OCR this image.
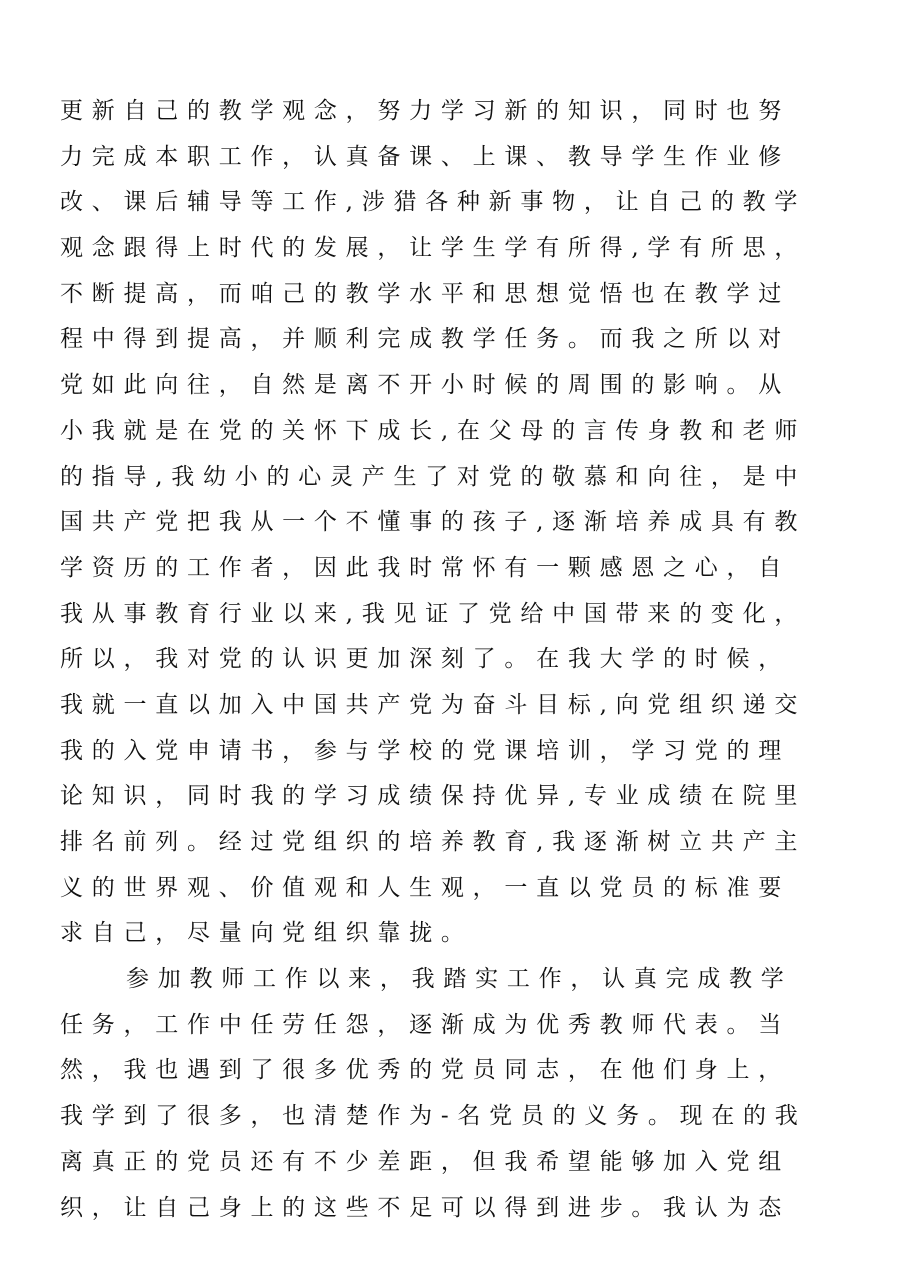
更新自己的教学观念，努力学习新的知识，同时也努
力完成本职工作，认真备课、上课、教导学生作业修
改、课后辅导等工作,涉猎各种新事物，让自己的教学
观念跟得上时代的发展，让学生学有所得,学有所思，
不断提高，而咱己的教学水平和思想觉悟也在教学过
程中得到提高，并顺利完成教学任务。而我之所以对
党如此向往，自然是离不开小时候的周围的影响。从
小我就是在党的关怀下成长,在父母的言传身教和老师
的指导,我幼小的心灵产生了对党的敬慕和向往，是中
国共产党把我从一个不懂事的孩子,逐渐培养成具有教
学资历的工作者，因此我时常怀有一颗感恩之心，自
我从事教育行业以来,我见证了党给中国带来的变化，
所以，我对党的认识更加深刻了。在我大学的时候，
我就一直以加入中国共产党为奋斗目标,向党组织递交
我的入党申请书，参与学校的党课培训，学习党的理
论知识，同时我的学习成绩保持优异,专业成绩在院里
排名前列。经过党组织的培养教育,我逐渐树立共产主
义的世界观、价值观和人生观，一直以党员的标准要
求自己，尽量向党组织靠拢。
参加教师工作以来，我踏实工作，认真完成教学
任务，工作中任劳任怨，逐渐成为优秀教师代表。当
然，我也遇到了很多优秀的党员同志，在他们身上，
我学到了很多，也清楚作为-名党员的义务。现在的我
离真正的党员还有不少差距，但我希望能够加入党组
织，让自己身上的这些不足可以得到进步。我认为态
